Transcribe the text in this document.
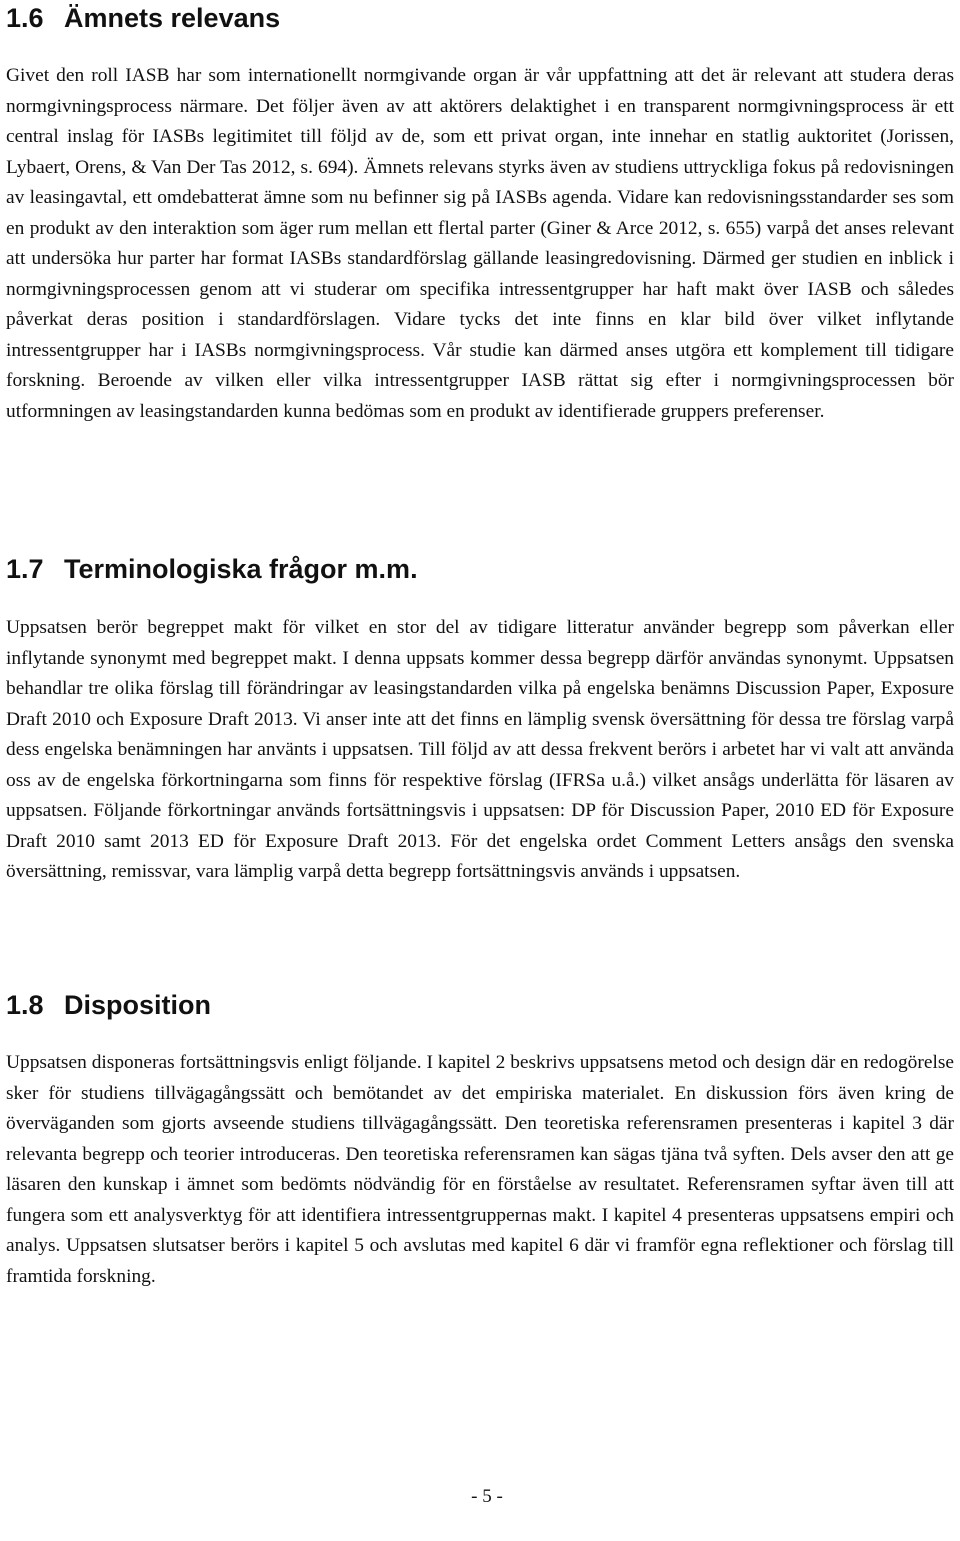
1.6 Ämnets relevans

Givet den roll IASB har som internationellt normgivande organ är vår uppfattning att det är relevant att studera deras normgivningsprocess närmare. Det följer även av att aktörers delaktighet i en transparent normgivningsprocess är ett central inslag för IASBs legitimitet till följd av de, som ett privat organ, inte innehar en statlig auktoritet (Jorissen, Lybaert, Orens, & Van Der Tas 2012, s. 694). Ämnets relevans styrks även av studiens uttryckliga fokus på redovisningen av leasingavtal, ett omdebatterat ämne som nu befinner sig på IASBs agenda. Vidare kan redovisningsstandarder ses som en produkt av den interaktion som äger rum mellan ett flertal parter (Giner & Arce 2012, s. 655) varpå det anses relevant att undersöka hur parter har format IASBs standardförslag gällande leasingredovisning. Därmed ger studien en inblick i normgivningsprocessen genom att vi studerar om specifika intressentgrupper har haft makt över IASB och således påverkat deras position i standardförslagen. Vidare tycks det inte finns en klar bild över vilket inflytande intressentgrupper har i IASBs normgivningsprocess. Vår studie kan därmed anses utgöra ett komplement till tidigare forskning. Beroende av vilken eller vilka intressentgrupper IASB rättat sig efter i normgivningsprocessen bör utformningen av leasingstandarden kunna bedömas som en produkt av identifierade gruppers preferenser.

1.7 Terminologiska frågor m.m.

Uppsatsen berör begreppet makt för vilket en stor del av tidigare litteratur använder begrepp som påverkan eller inflytande synonymt med begreppet makt. I denna uppsats kommer dessa begrepp därför användas synonymt. Uppsatsen behandlar tre olika förslag till förändringar av leasingstandarden vilka på engelska benämns Discussion Paper, Exposure Draft 2010 och Exposure Draft 2013. Vi anser inte att det finns en lämplig svensk översättning för dessa tre förslag varpå dess engelska benämningen har använts i uppsatsen. Till följd av att dessa frekvent berörs i arbetet har vi valt att använda oss av de engelska förkortningarna som finns för respektive förslag (IFRSa u.å.) vilket ansågs underlätta för läsaren av uppsatsen. Följande förkortningar används fortsättningsvis i uppsatsen: DP för Discussion Paper, 2010 ED för Exposure Draft 2010 samt 2013 ED för Exposure Draft 2013. För det engelska ordet Comment Letters ansågs den svenska översättning, remissvar, vara lämplig varpå detta begrepp fortsättningsvis används i uppsatsen.

1.8 Disposition

Uppsatsen disponeras fortsättningsvis enligt följande. I kapitel 2 beskrivs uppsatsens metod och design där en redogörelse sker för studiens tillvägagångssätt och bemötandet av det empiriska materialet. En diskussion förs även kring de överväganden som gjorts avseende studiens tillvägagångssätt. Den teoretiska referensramen presenteras i kapitel 3 där relevanta begrepp och teorier introduceras. Den teoretiska referensramen kan sägas tjäna två syften. Dels avser den att ge läsaren den kunskap i ämnet som bedömts nödvändig för en förståelse av resultatet. Referensramen syftar även till att fungera som ett analysverktyg för att identifiera intressentgruppernas makt. I kapitel 4 presenteras uppsatsens empiri och analys. Uppsatsen slutsatser berörs i kapitel 5 och avslutas med kapitel 6 där vi framför egna reflektioner och förslag till framtida forskning.

- 5 -
